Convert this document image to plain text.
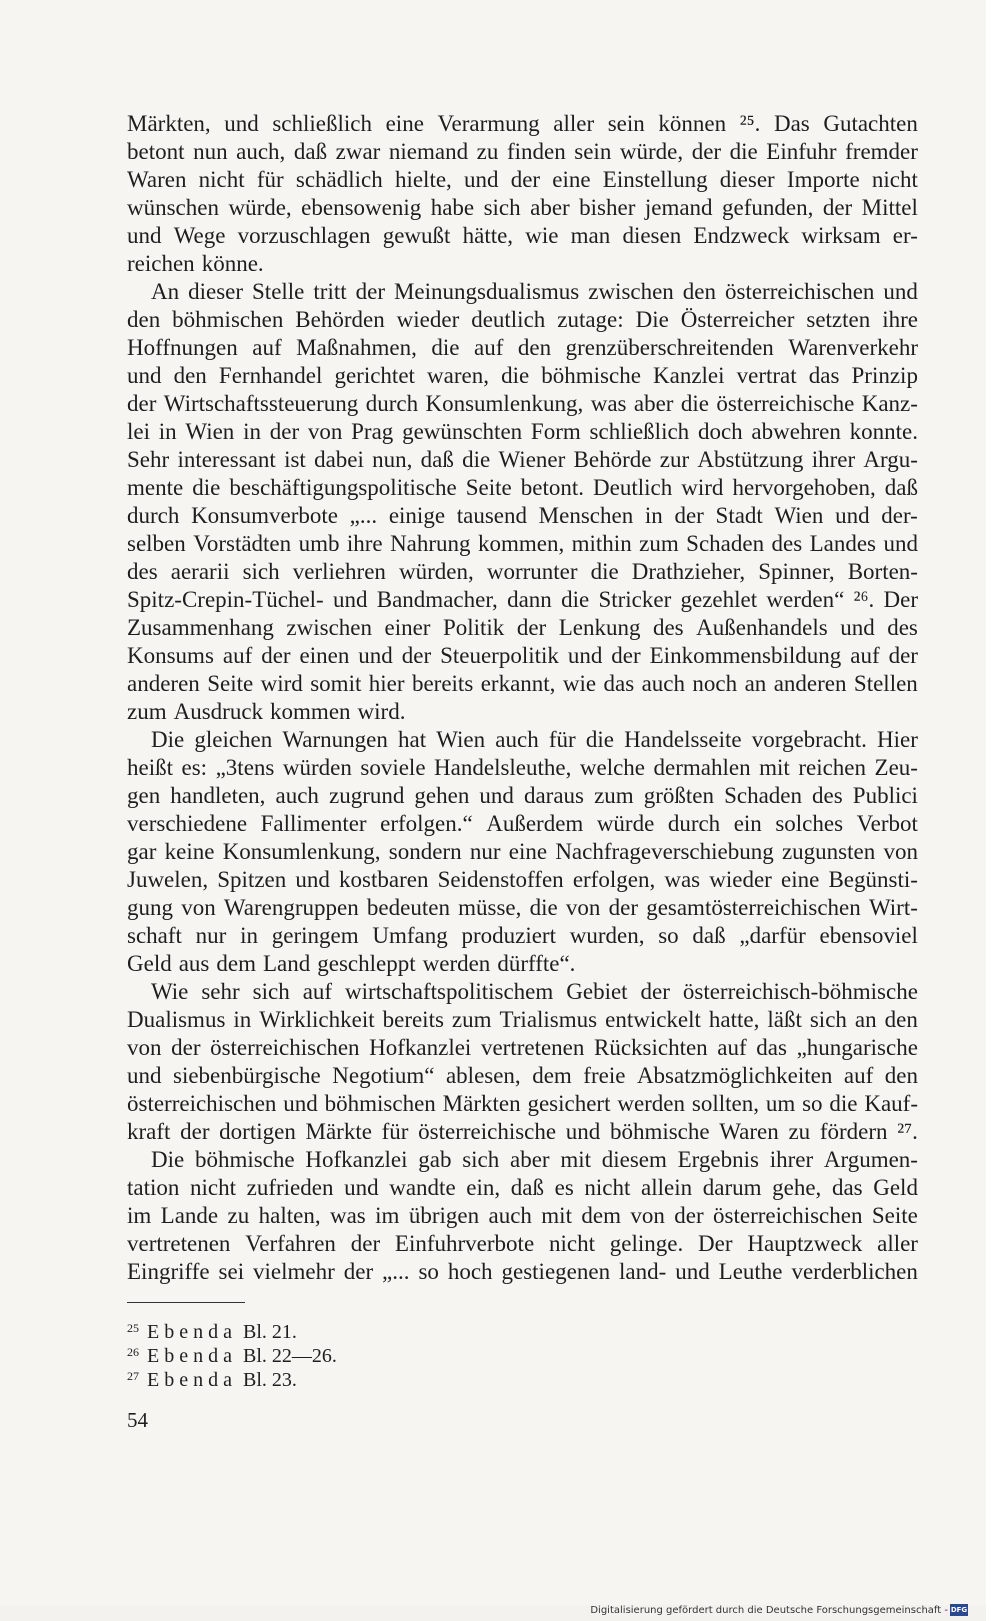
Märkten, und schließlich eine Verarmung aller sein können ²⁵. Das Gutachten
betont nun auch, daß zwar niemand zu finden sein würde, der die Einfuhr fremder
Waren nicht für schädlich hielte, und der eine Einstellung dieser Importe nicht
wünschen würde, ebensowenig habe sich aber bisher jemand gefunden, der Mittel
und Wege vorzuschlagen gewußt hätte, wie man diesen Endzweck wirksam er-
reichen könne.
An dieser Stelle tritt der Meinungsdualismus zwischen den österreichischen und
den böhmischen Behörden wieder deutlich zutage: Die Österreicher setzten ihre
Hoffnungen auf Maßnahmen, die auf den grenzüberschreitenden Warenverkehr
und den Fernhandel gerichtet waren, die böhmische Kanzlei vertrat das Prinzip
der Wirtschaftssteuerung durch Konsumlenkung, was aber die österreichische Kanz-
lei in Wien in der von Prag gewünschten Form schließlich doch abwehren konnte.
Sehr interessant ist dabei nun, daß die Wiener Behörde zur Abstützung ihrer Argu-
mente die beschäftigungspolitische Seite betont. Deutlich wird hervorgehoben, daß
durch Konsumverbote „... einige tausend Menschen in der Stadt Wien und der-
selben Vorstädten umb ihre Nahrung kommen, mithin zum Schaden des Landes und
des aerarii sich verliehren würden, worrunter die Drathzieher, Spinner, Borten-
Spitz-Crepin-Tüchel- und Bandmacher, dann die Stricker gezehlet werden“ ²⁶. Der
Zusammenhang zwischen einer Politik der Lenkung des Außenhandels und des
Konsums auf der einen und der Steuerpolitik und der Einkommensbildung auf der
anderen Seite wird somit hier bereits erkannt, wie das auch noch an anderen Stellen
zum Ausdruck kommen wird.
Die gleichen Warnungen hat Wien auch für die Handelsseite vorgebracht. Hier
heißt es: „3tens würden soviele Handelsleuthe, welche dermahlen mit reichen Zeu-
gen handleten, auch zugrund gehen und daraus zum größten Schaden des Publici
verschiedene Fallimenter erfolgen.“ Außerdem würde durch ein solches Verbot
gar keine Konsumlenkung, sondern nur eine Nachfrageverschiebung zugunsten von
Juwelen, Spitzen und kostbaren Seidenstoffen erfolgen, was wieder eine Begünsti-
gung von Warengruppen bedeuten müsse, die von der gesamtösterreichischen Wirt-
schaft nur in geringem Umfang produziert wurden, so daß „darfür ebensoviel
Geld aus dem Land geschleppt werden dürffte“.
Wie sehr sich auf wirtschaftspolitischem Gebiet der österreichisch-böhmische
Dualismus in Wirklichkeit bereits zum Trialismus entwickelt hatte, läßt sich an den
von der österreichischen Hofkanzlei vertretenen Rücksichten auf das „hungarische
und siebenbürgische Negotium“ ablesen, dem freie Absatzmöglichkeiten auf den
österreichischen und böhmischen Märkten gesichert werden sollten, um so die Kauf-
kraft der dortigen Märkte für österreichische und böhmische Waren zu fördern ²⁷.
Die böhmische Hofkanzlei gab sich aber mit diesem Ergebnis ihrer Argumen-
tation nicht zufrieden und wandte ein, daß es nicht allein darum gehe, das Geld
im Lande zu halten, was im übrigen auch mit dem von der österreichischen Seite
vertretenen Verfahren der Einfuhrverbote nicht gelinge. Der Hauptzweck aller
Eingriffe sei vielmehr der „... so hoch gestiegenen land- und Leuthe verderblichen
$^{25}$ Ebenda Bl. 21.
$^{26}$ Ebenda Bl. 22—26.
$^{27}$ Ebenda Bl. 23.
54
Digitalisierung gefördert durch die Deutsche Forschungsgemeinschaft - DFG
